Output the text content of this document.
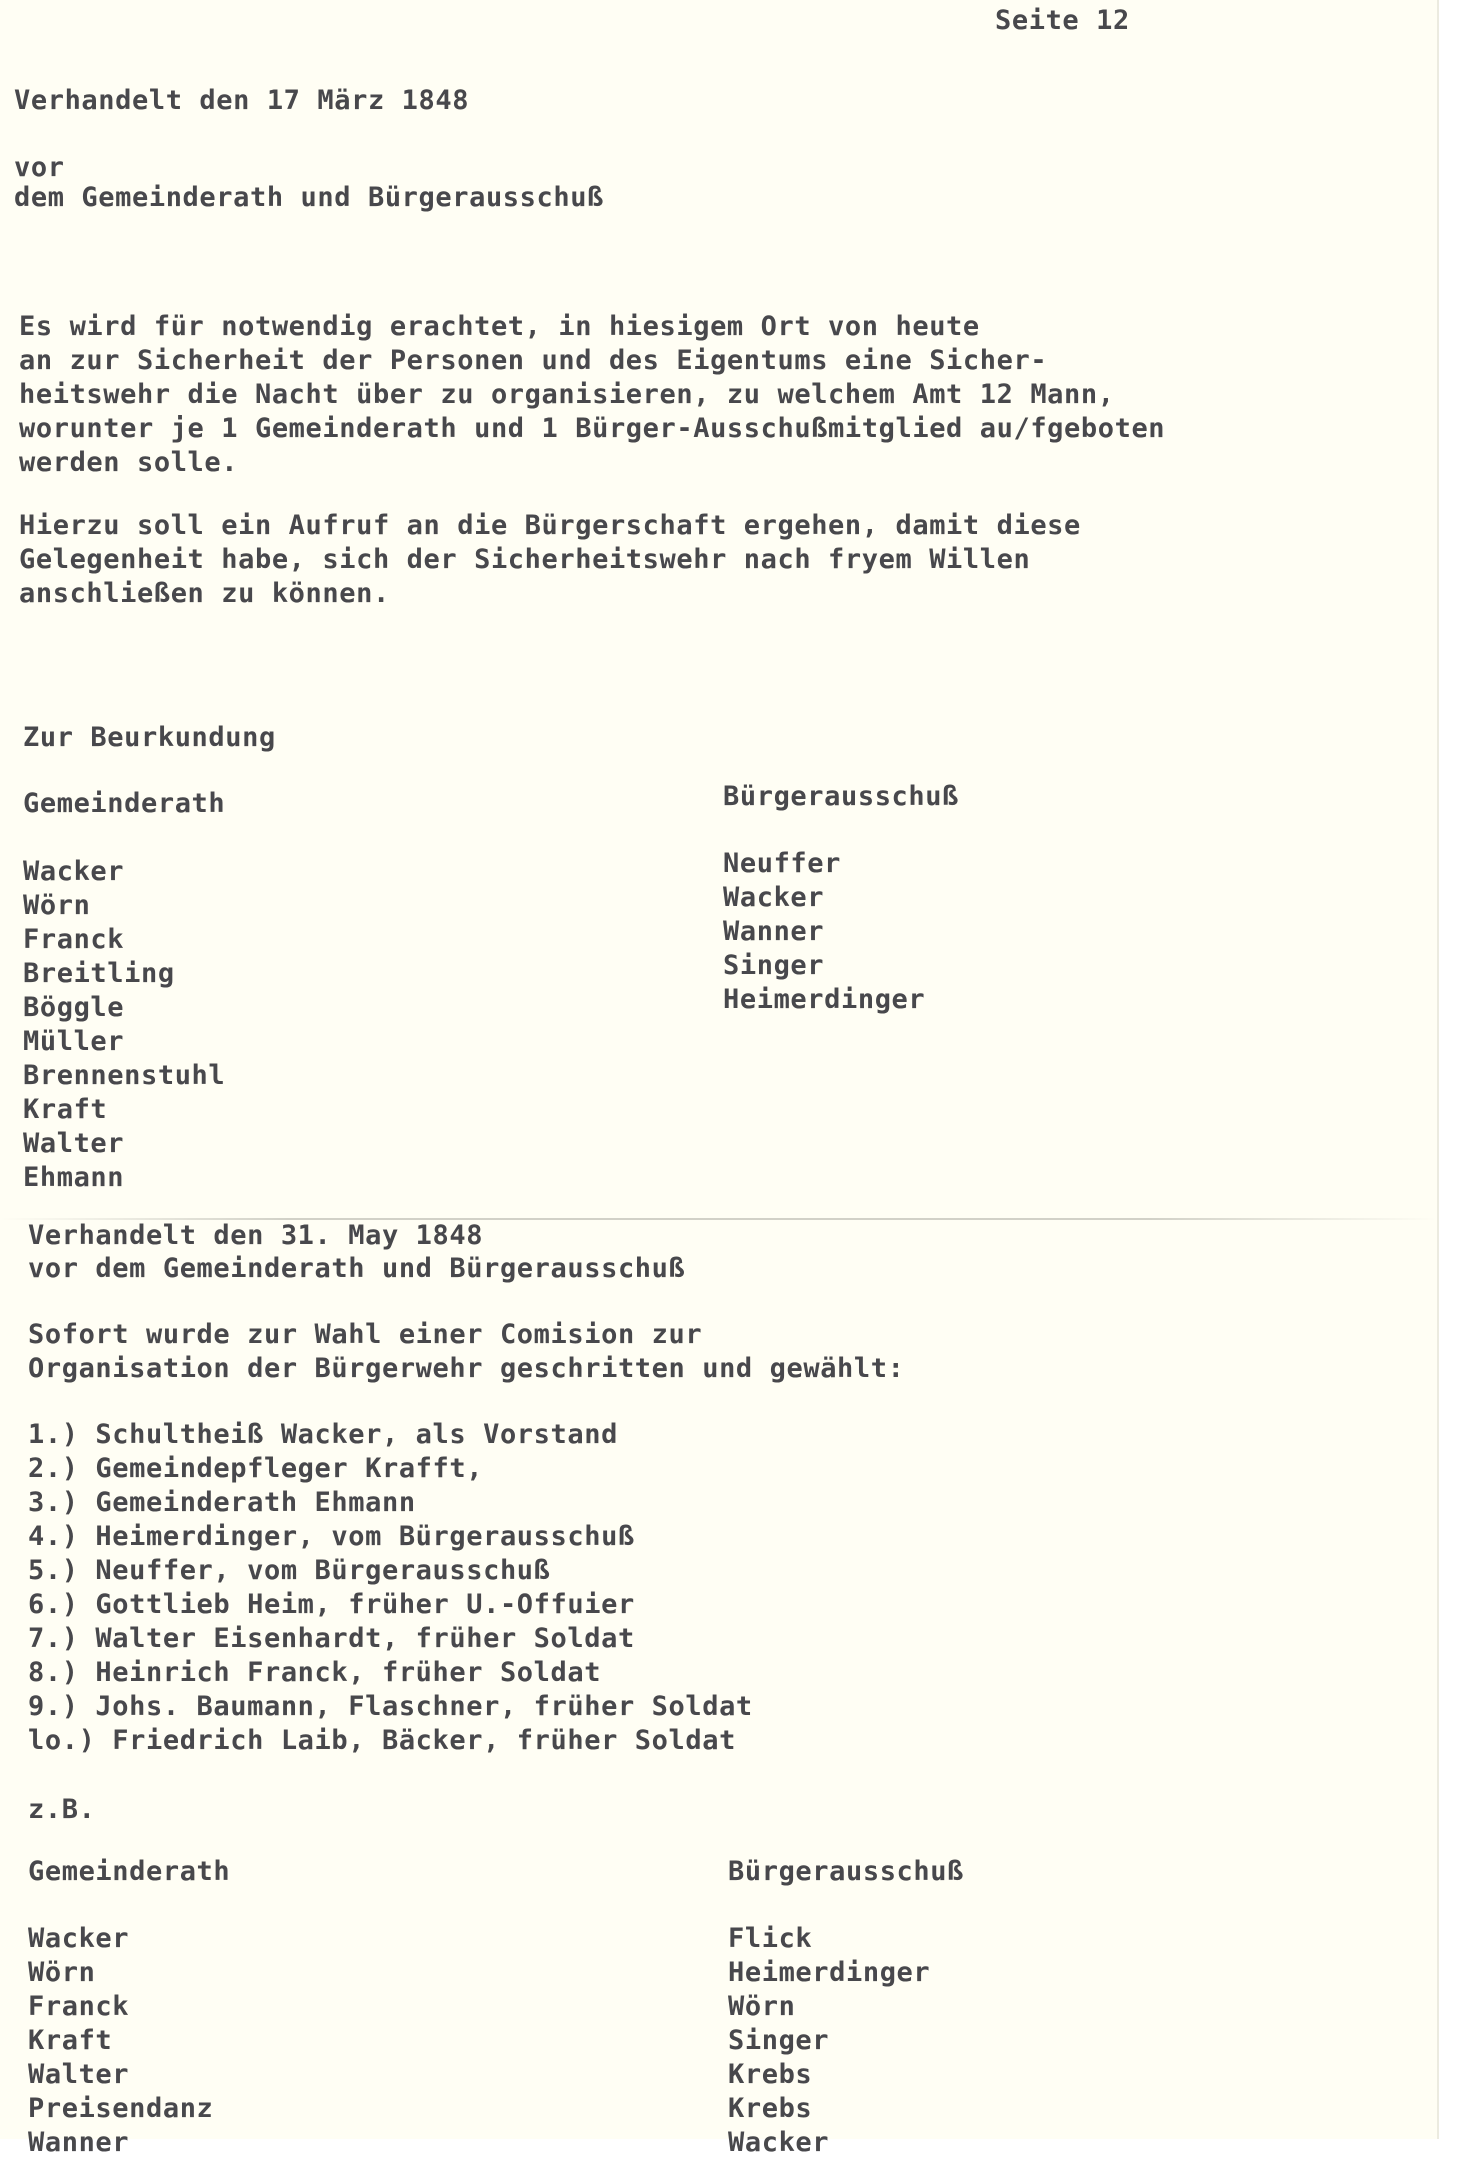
Seite 12
Verhandelt den 17 März 1848
vor
dem Gemeinderath und Bürgerausschuß
Es wird für notwendig erachtet, in hiesigem Ort von heute
an zur Sicherheit der Personen und des Eigentums eine Sicher-
heitswehr die Nacht über zu organisieren, zu welchem Amt 12 Mann,
worunter je 1 Gemeinderath und 1 Bürger-Ausschußmitglied au/fgeboten
werden solle.
Hierzu soll ein Aufruf an die Bürgerschaft ergehen, damit diese
Gelegenheit habe, sich der Sicherheitswehr nach fryem Willen
anschließen zu können.
Zur Beurkundung
Gemeinderath	Bürgerausschuß
Wacker
Wörn
Franck
Breitling
Böggle
Müller
Brennenstuhl
Kraft
Walter
Ehmann
Neuffer
Wacker
Wanner
Singer
Heimerdinger
Verhandelt den 31. May 1848
vor dem Gemeinderath und Bürgerausschuß
Sofort wurde zur Wahl einer Comision zur
Organisation der Bürgerwehr geschritten und gewählt:
1.) Schultheiß Wacker, als Vorstand
2.) Gemeindepfleger Krafft,
3.) Gemeinderath Ehmann
4.) Heimerdinger, vom Bürgerausschuß
5.) Neuffer, vom Bürgerausschuß
6.) Gottlieb Heim, früher U.-Offuier
7.) Walter Eisenhardt, früher Soldat
8.) Heinrich Franck, früher Soldat
9.) Johs. Baumann, Flaschner, früher Soldat
lo.) Friedrich Laib, Bäcker, früher Soldat
z.B.
Gemeinderath	Bürgerausschuß
Wacker
Wörn
Franck
Kraft
Walter
Preisendanz
Wanner
Flick
Heimerdinger
Wörn
Singer
Krebs
Krebs
Wacker
